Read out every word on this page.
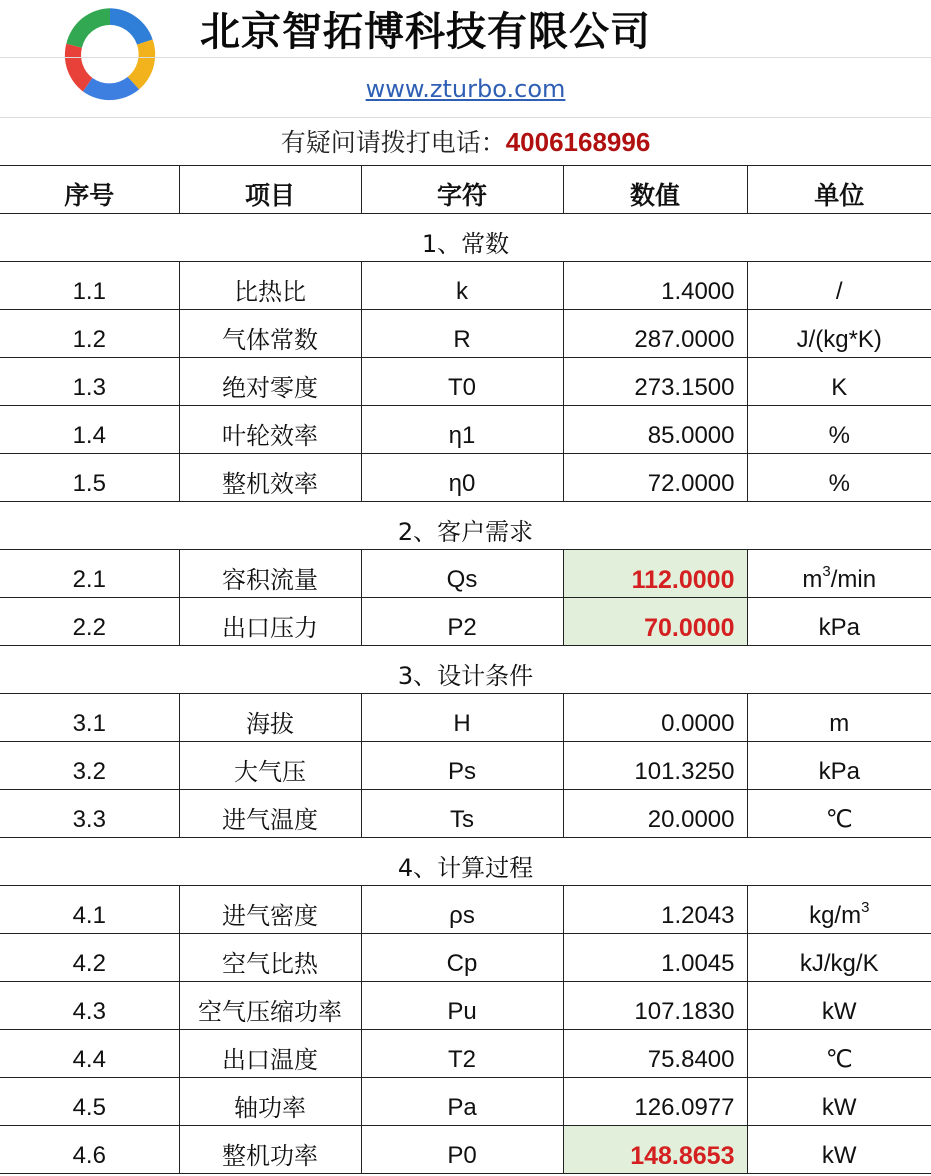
北京智拓博科技有限公司
www.zturbo.com
有疑问请拨打电话：4006168996
序号	项目	字符	数值	单位
1、常数				
1.1	比热比	k	1.4000	/
1.2	气体常数	R	287.0000	J/(kg*K)
1.3	绝对零度	T0	273.1500	K
1.4	叶轮效率	η1	85.0000	%
1.5	整机效率	η0	72.0000	%
2、客户需求				
2.1	容积流量	Qs	112.0000	$m^3/\min$
2.2	出口压力	P2	70.0000	kPa
3、设计条件				
3.1	海拔	H	0.0000	m
3.2	大气压	Ps	101.3250	kPa
3.3	进气温度	Ts	20.0000	℃
4、计算过程				
4.1	进气密度	ρs	1.2043	$kg/m^3$
4.2	空气比热	Cp	1.0045	kJ/kg/K
4.3	空气压缩功率	Pu	107.1830	kW
4.4	出口温度	T2	75.8400	℃
4.5	轴功率	Pa	126.0977	kW
4.6	整机功率	P0	148.8653	kW
